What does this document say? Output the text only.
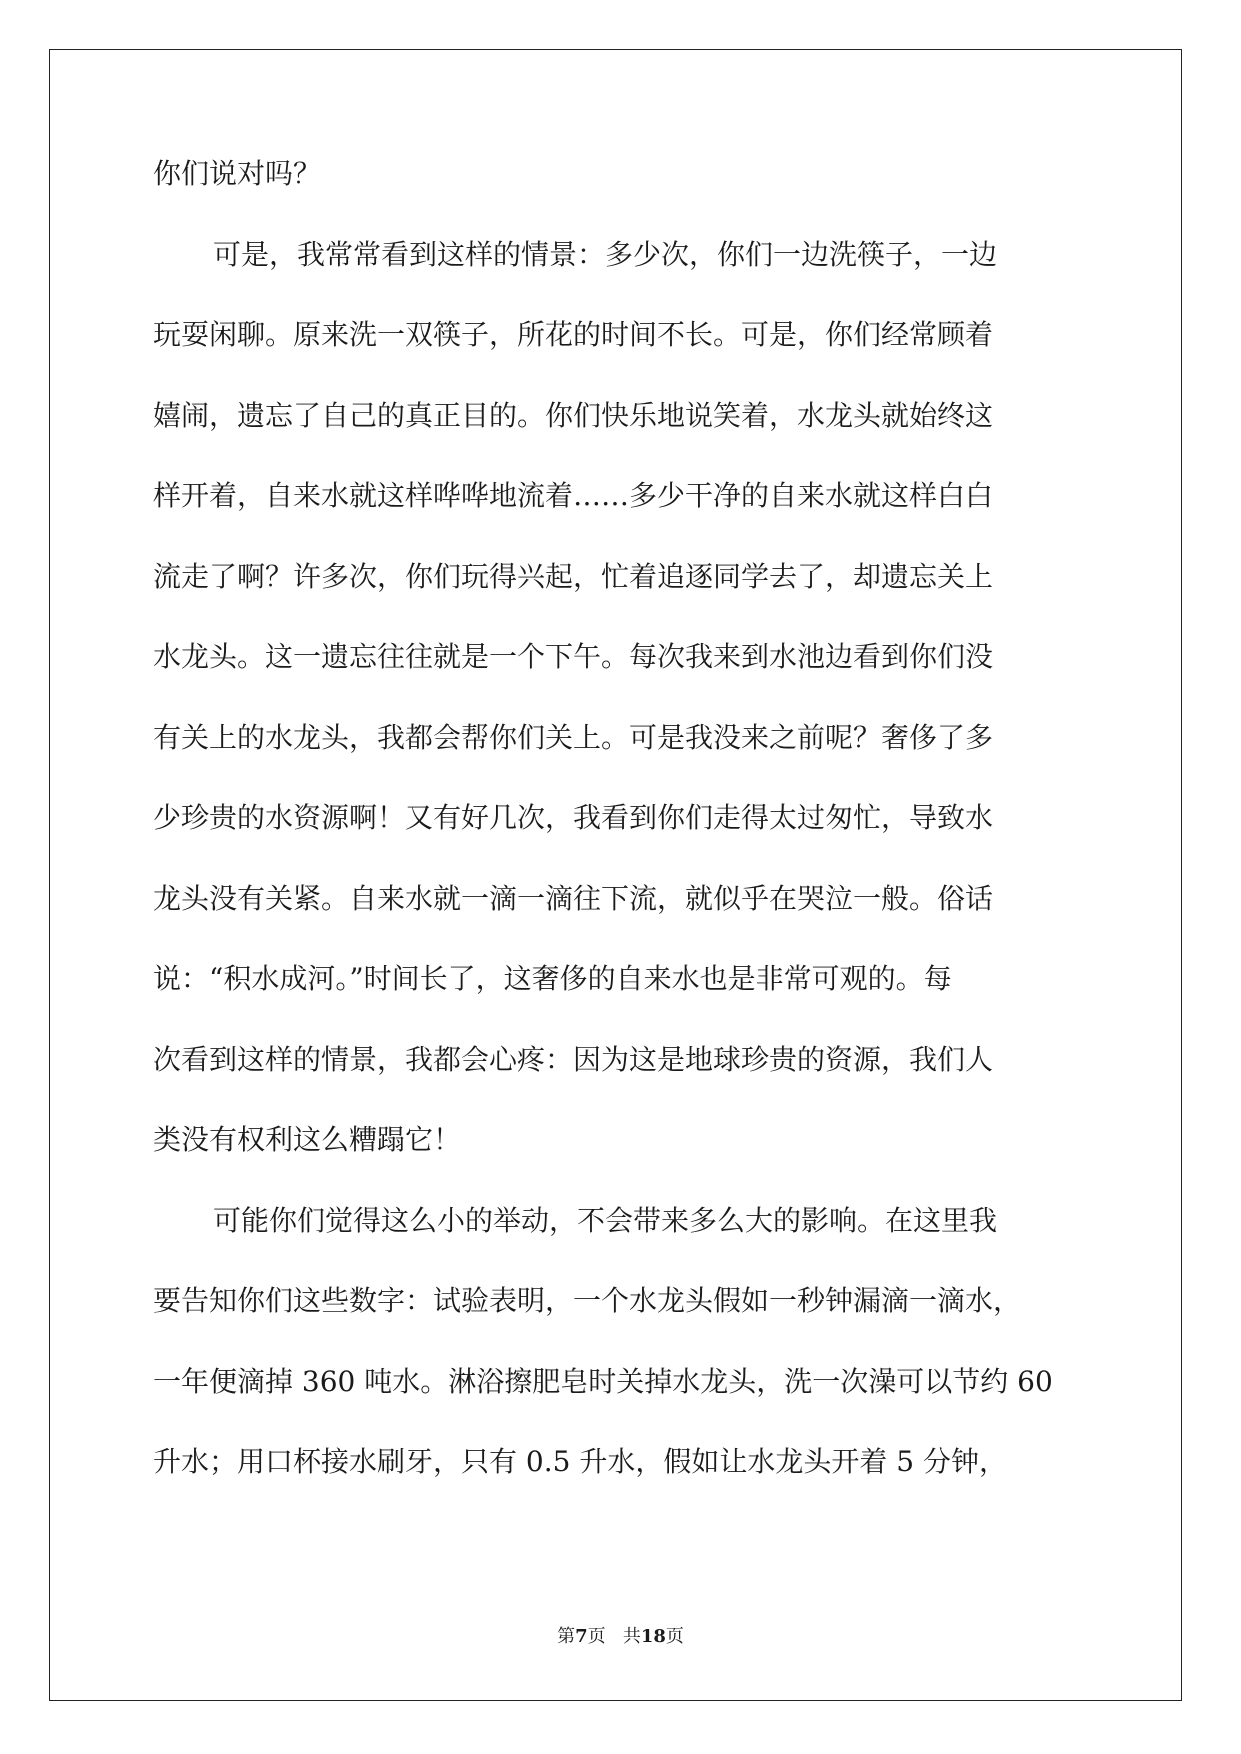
你们说对吗？
可是，我常常看到这样的情景：多少次，你们一边洗筷子，一边
玩耍闲聊。原来洗一双筷子，所花的时间不长。可是，你们经常顾着
嬉闹，遗忘了自己的真正目的。你们快乐地说笑着，水龙头就始终这
样开着，自来水就这样哗哗地流着……多少干净的自来水就这样白白
流走了啊？许多次，你们玩得兴起，忙着追逐同学去了，却遗忘关上
水龙头。这一遗忘往往就是一个下午。每次我来到水池边看到你们没
有关上的水龙头，我都会帮你们关上。可是我没来之前呢？奢侈了多
少珍贵的水资源啊！又有好几次，我看到你们走得太过匆忙，导致水
龙头没有关紧。自来水就一滴一滴往下流，就似乎在哭泣一般。俗话
说：“积水成河。”时间长了，这奢侈的自来水也是非常可观的。每
次看到这样的情景，我都会心疼：因为这是地球珍贵的资源，我们人
类没有权利这么糟蹋它！
可能你们觉得这么小的举动，不会带来多么大的影响。在这里我
要告知你们这些数字：试验表明，一个水龙头假如一秒钟漏滴一滴水，
一年便滴掉 360 吨水。淋浴擦肥皂时关掉水龙头，洗一次澡可以节约 60
升水；用口杯接水刷牙，只有 0.5 升水，假如让水龙头开着 5 分钟，
第7页 共18页
